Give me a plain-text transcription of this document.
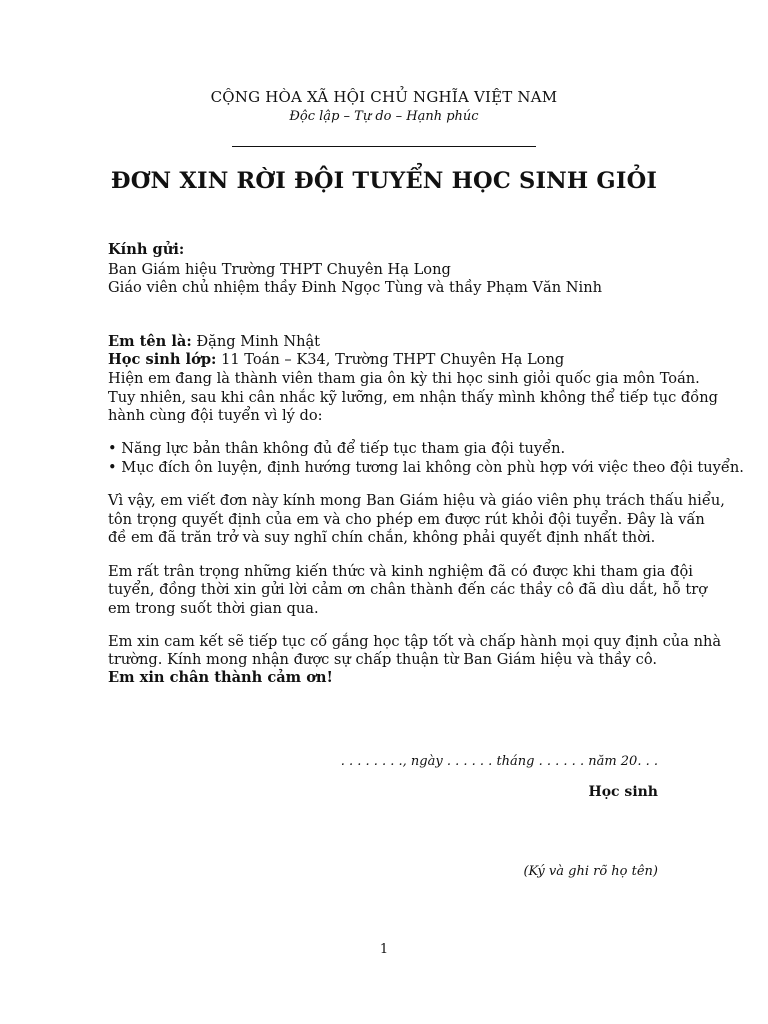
CỘNG HÒA XÃ HỘI CHỦ NGHĨA VIỆT NAM
Độc lập – Tự do – Hạnh phúc
ĐƠN XIN RỜI ĐỘI TUYỂN HỌC SINH GIỎI
Kính gửi:
Ban Giám hiệu Trường THPT Chuyên Hạ Long
Giáo viên chủ nhiệm thầy Đinh Ngọc Tùng và thầy Phạm Văn Ninh
Em tên là: Đặng Minh Nhật
Học sinh lớp: 11 Toán – K34, Trường THPT Chuyên Hạ Long
Hiện em đang là thành viên tham gia ôn kỳ thi học sinh giỏi quốc gia môn Toán.
Tuy nhiên, sau khi cân nhắc kỹ lưỡng, em nhận thấy mình không thể tiếp tục đồng
hành cùng đội tuyển vì lý do:
• Năng lực bản thân không đủ để tiếp tục tham gia đội tuyển.
• Mục đích ôn luyện, định hướng tương lai không còn phù hợp với việc theo đội tuyển.
Vì vậy, em viết đơn này kính mong Ban Giám hiệu và giáo viên phụ trách thấu hiểu,
tôn trọng quyết định của em và cho phép em được rút khỏi đội tuyển. Đây là vấn
đề em đã trăn trở và suy nghĩ chín chắn, không phải quyết định nhất thời.
Em rất trân trọng những kiến thức và kinh nghiệm đã có được khi tham gia đội
tuyển, đồng thời xin gửi lời cảm ơn chân thành đến các thầy cô đã dìu dắt, hỗ trợ
em trong suốt thời gian qua.
Em xin cam kết sẽ tiếp tục cố gắng học tập tốt và chấp hành mọi quy định của nhà
trường. Kính mong nhận được sự chấp thuận từ Ban Giám hiệu và thầy cô.
Em xin chân thành cảm ơn!
. . . . . . . ., ngày . . . . . . tháng . . . . . . năm 20. . .
Học sinh
(Ký và ghi rõ họ tên)
1
